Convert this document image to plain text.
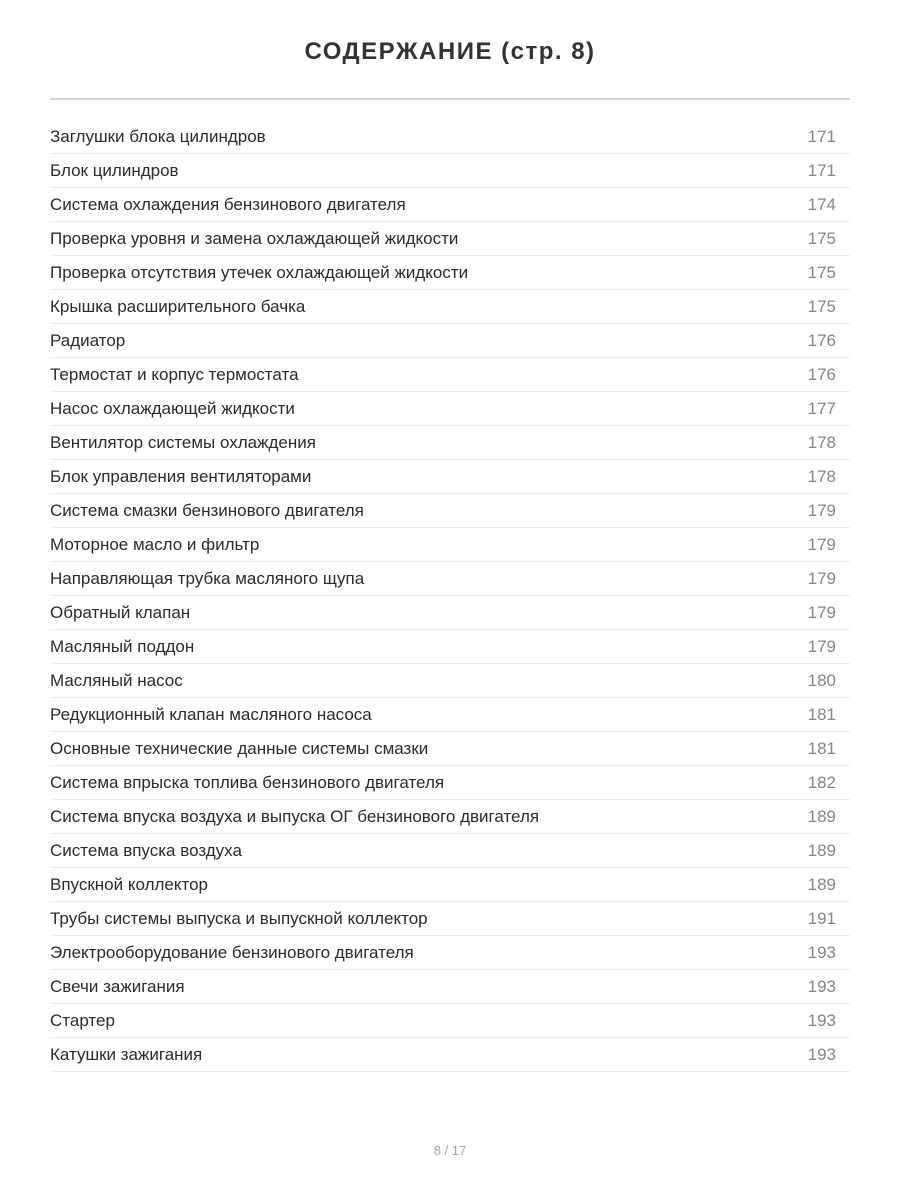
СОДЕРЖАНИЕ (стр. 8)
Заглушки блока цилиндров	171
Блок цилиндров	171
Система охлаждения бензинового двигателя	174
Проверка уровня и замена охлаждающей жидкости	175
Проверка отсутствия утечек охлаждающей жидкости	175
Крышка расширительного бачка	175
Радиатор	176
Термостат и корпус термостата	176
Насос охлаждающей жидкости	177
Вентилятор системы охлаждения	178
Блок управления вентиляторами	178
Система смазки бензинового двигателя	179
Моторное масло и фильтр	179
Направляющая трубка масляного щупа	179
Обратный клапан	179
Масляный поддон	179
Масляный насос	180
Редукционный клапан масляного насоса	181
Основные технические данные системы смазки	181
Система впрыска топлива бензинового двигателя	182
Система впуска воздуха и выпуска ОГ бензинового двигателя	189
Система впуска воздуха	189
Впускной коллектор	189
Трубы системы выпуска и выпускной коллектор	191
Электрооборудование бензинового двигателя	193
Свечи зажигания	193
Стартер	193
Катушки зажигания	193
8 / 17
